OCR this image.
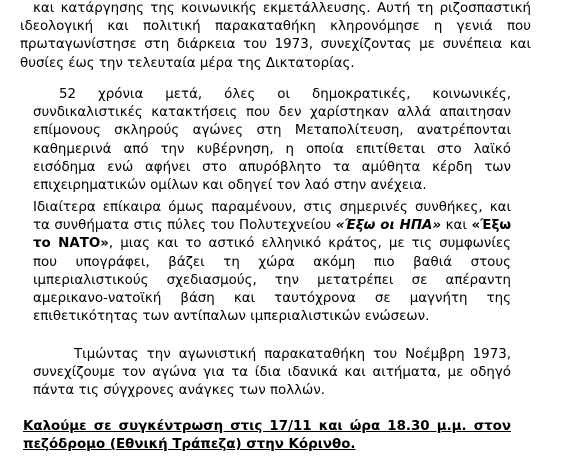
και κατάργησης της κοινωνικής εκμετάλλευσης. Αυτή τη ριζοσπαστική ιδεολογική και πολιτική παρακαταθήκη κληρονόμησε η γενιά που πρωταγωνίστησε στη διάρκεια του 1973, συνεχίζοντας με συνέπεια και θυσίες έως την τελευταία μέρα της Δικτατορίας.

52 χρόνια μετά, όλες οι δημοκρατικές, κοινωνικές, συνδικαλιστικές κατακτήσεις που δεν χαρίστηκαν αλλά απαιτησαν επίμονους σκληρούς αγώνες στη Μεταπολίτευση, ανατρέπονται καθημερινά από την κυβέρνηση, η οποία επιτίθεται στο λαϊκό εισόδημα ενώ αφήνει στο απυρόβλητο τα αμύθητα κέρδη των επιχειρηματικών ομίλων και οδηγεί τον λαό στην ανέχεια.

Ιδιαίτερα επίκαιρα όμως παραμένουν, στις σημερινές συνθήκες, και τα συνθήματα στις πύλες του Πολυτεχνείου «Έξω οι ΗΠΑ» και «Έξω το ΝΑΤΟ», μιας και το αστικό ελληνικό κράτος, με τις συμφωνίες που υπογράφει, βάζει τη χώρα ακόμη πιο βαθιά στους ιμπεριαλιστικούς σχεδιασμούς, την μετατρέπει σε απέραντη αμερικανο-νατοϊκή βάση και ταυτόχρονα σε μαγνήτη της επιθετικότητας των αντίπαλων ιμπεριαλιστικών ενώσεων.

Τιμώντας την αγωνιστική παρακαταθήκη του Νοέμβρη 1973, συνεχίζουμε τον αγώνα για τα ίδια ιδανικά και αιτήματα, με οδηγό πάντα τις σύγχρονες ανάγκες των πολλών.

Καλούμε σε συγκέντρωση στις 17/11 και ώρα 18.30 μ.μ. στον πεζόδρομο (Εθνική Τράπεζα) στην Κόρινθο.
